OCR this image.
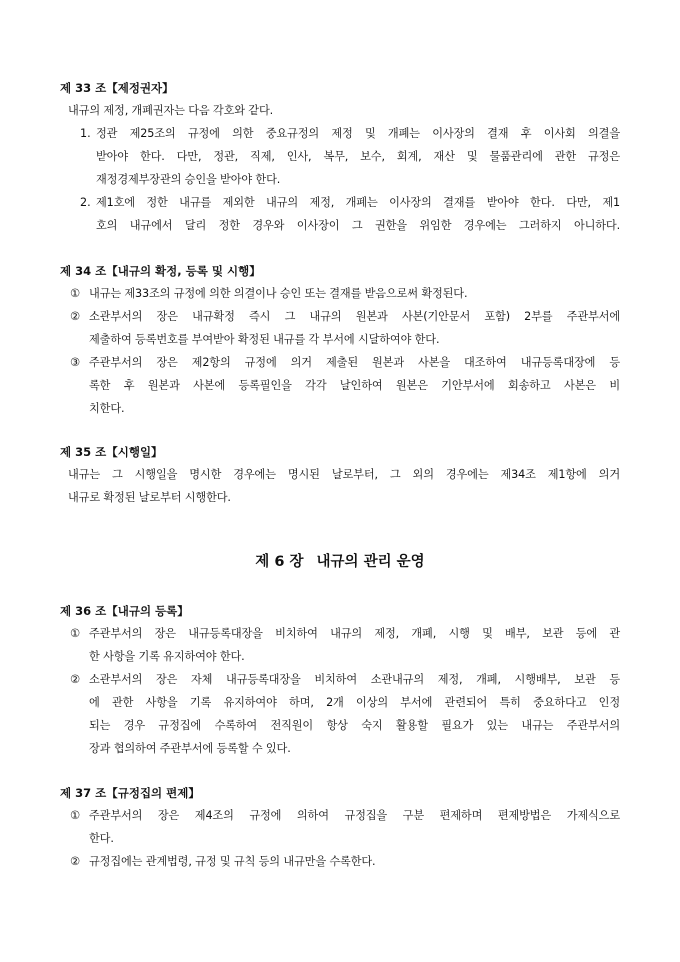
제 33 조【제정권자】
내규의 제정, 개폐권자는 다음 각호와 같다.
1. 정관 제25조의 규정에 의한 중요규정의 제정 및 개폐는 이사장의 결재 후 이사회 의결을
받아야 한다. 다만, 정관, 직제, 인사, 복무, 보수, 회계, 재산 및 물품관리에 관한 규정은
재정경제부장관의 승인을 받아야 한다.
2. 제1호에 정한 내규를 제외한 내규의 제정, 개폐는 이사장의 결재를 받아야 한다. 다만, 제1
호의 내규에서 달리 정한 경우와 이사장이 그 권한을 위임한 경우에는 그러하지 아니하다.
제 34 조【내규의 확정, 등록 및 시행】
① 내규는 제33조의 규정에 의한 의결이나 승인 또는 결재를 받음으로써 확정된다.
② 소관부서의 장은 내규확정 즉시 그 내규의 원본과 사본(기안문서 포함) 2부를 주관부서에
제출하여 등록번호를 부여받아 확정된 내규를 각 부서에 시달하여야 한다.
③ 주관부서의 장은 제2항의 규정에 의거 제출된 원본과 사본을 대조하여 내규등록대장에 등
록한 후 원본과 사본에 등록필인을 각각 날인하여 원본은 기안부서에 회송하고 사본은 비
치한다.
제 35 조【시행일】
내규는 그 시행일을 명시한 경우에는 명시된 날로부터, 그 외의 경우에는 제34조 제1항에 의거
내규로 확정된 날로부터 시행한다.
제 6 장 내규의 관리 운영
제 36 조【내규의 등록】
① 주관부서의 장은 내규등록대장을 비치하여 내규의 제정, 개폐, 시행 및 배부, 보관 등에 관
한 사항을 기록 유지하여야 한다.
② 소관부서의 장은 자체 내규등록대장을 비치하여 소관내규의 제정, 개폐, 시행배부, 보관 등
에 관한 사항을 기록 유지하여야 하며, 2개 이상의 부서에 관련되어 특히 중요하다고 인정
되는 경우 규정집에 수록하여 전직원이 항상 숙지 활용할 필요가 있는 내규는 주관부서의
장과 협의하여 주관부서에 등록할 수 있다.
제 37 조【규정집의 편제】
① 주관부서의 장은 제4조의 규정에 의하여 규정집을 구분 편제하며 편제방법은 가제식으로
한다.
② 규정집에는 관계법령, 규정 및 규칙 등의 내규만을 수록한다.
